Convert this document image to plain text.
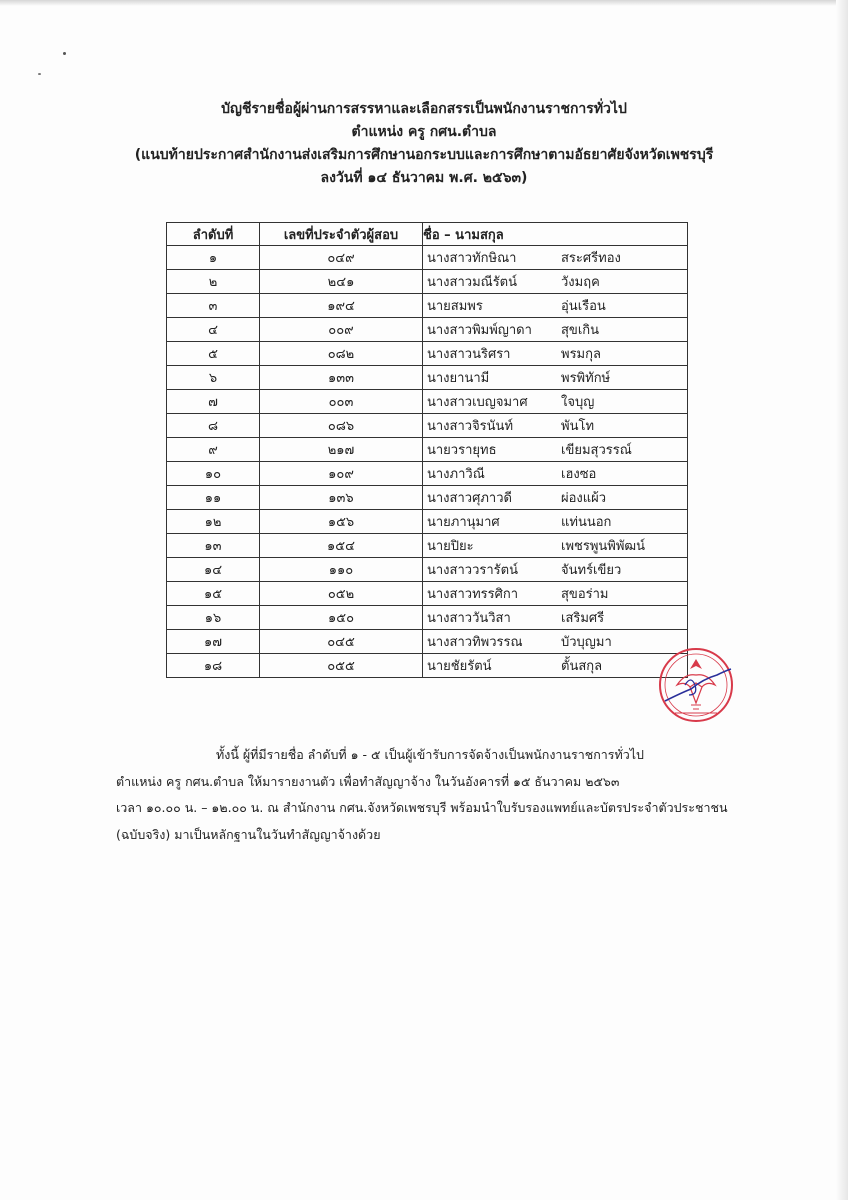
บัญชีรายชื่อผู้ผ่านการสรรหาและเลือกสรรเป็นพนักงานราชการทั่วไป
ตำแหน่ง ครู กศน.ตำบล
(แนบท้ายประกาศสำนักงานส่งเสริมการศึกษานอกระบบและการศึกษาตามอัธยาศัยจังหวัดเพชรบุรี
ลงวันที่ ๑๔ ธันวาคม พ.ศ. ๒๕๖๓)
ลำดับที่	เลขที่ประจำตัวผู้สอบ	ชื่อ – นามสกุล
๑	๐๔๙	นางสาวทักษิณา สระศรีทอง
๒	๒๔๑	นางสาวมณีรัตน์ วังมฤค
๓	๑๙๔	นายสมพร อุ่นเรือน
๔	๐๐๙	นางสาวพิมพ์ญาดา สุขเกิน
๕	๐๘๒	นางสาวนริศรา พรมกุล
๖	๑๓๓	นางยานามี พรพิทักษ์
๗	๐๐๓	นางสาวเบญจมาศ ใจบุญ
๘	๐๘๖	นางสาวจิรนันท์ พันโท
๙	๒๑๗	นายวรายุทธ เขียมสุวรรณ์
๑๐	๑๐๙	นางภาวิณี เฮงซอ
๑๑	๑๓๖	นางสาวศุภาวดี ผ่องแผ้ว
๑๒	๑๕๖	นายภานุมาศ แท่นนอก
๑๓	๑๕๔	นายปิยะ เพชรพูนพิพัฒน์
๑๔	๑๑๐	นางสาววรารัตน์ จันทร์เขียว
๑๕	๐๕๒	นางสาวทรรศิกา สุขอร่าม
๑๖	๑๕๐	นางสาววันวิสา เสริมศรี
๑๗	๐๔๕	นางสาวทิพวรรณ บัวบุญมา
๑๘	๐๕๕	นายชัยรัตน์ ตั้นสกุล
ทั้งนี้ ผู้ที่มีรายชื่อ ลำดับที่ ๑ - ๕ เป็นผู้เข้ารับการจัดจ้างเป็นพนักงานราชการทั่วไป
ตำแหน่ง ครู กศน.ตำบล ให้มารายงานตัว เพื่อทำสัญญาจ้าง ในวันอังคารที่ ๑๕ ธันวาคม ๒๕๖๓
เวลา ๑๐.๐๐ น. – ๑๒.๐๐ น. ณ สำนักงาน กศน.จังหวัดเพชรบุรี พร้อมนำใบรับรองแพทย์และบัตรประจำตัวประชาชน
(ฉบับจริง) มาเป็นหลักฐานในวันทำสัญญาจ้างด้วย
